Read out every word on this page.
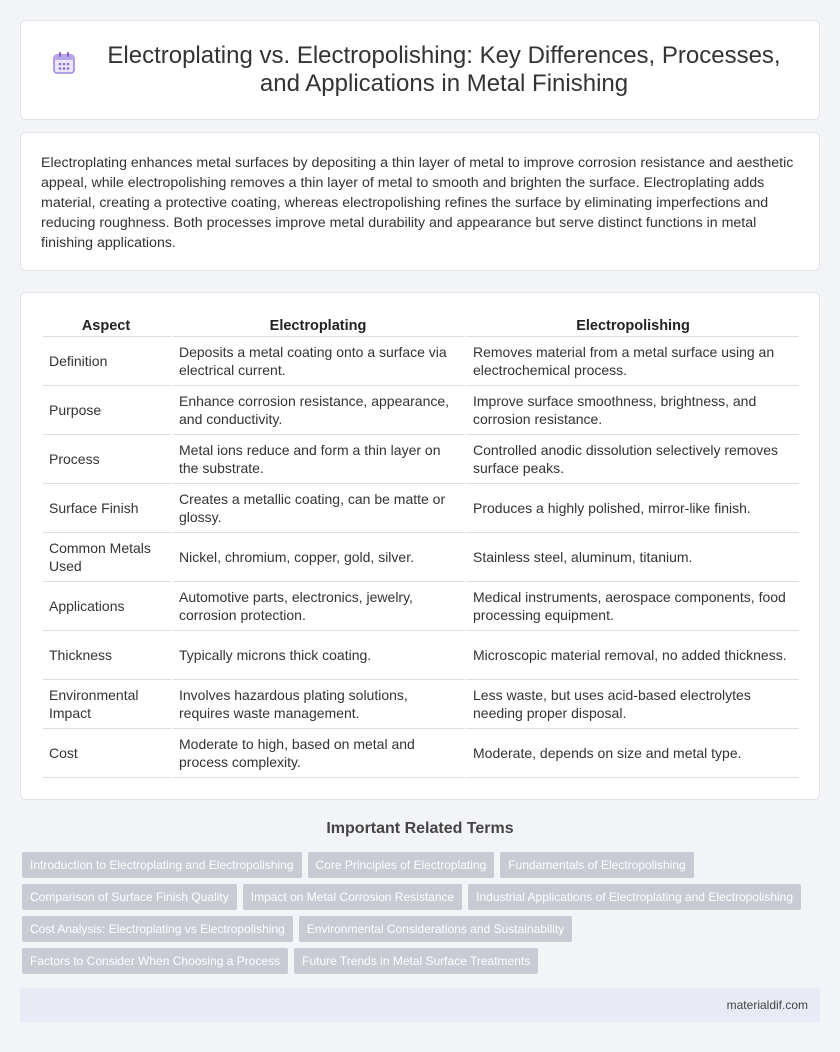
Electroplating vs. Electropolishing: Key Differences, Processes, and Applications in Metal Finishing

Electroplating enhances metal surfaces by depositing a thin layer of metal to improve corrosion resistance and aesthetic appeal, while electropolishing removes a thin layer of metal to smooth and brighten the surface. Electroplating adds material, creating a protective coating, whereas electropolishing refines the surface by eliminating imperfections and reducing roughness. Both processes improve metal durability and appearance but serve distinct functions in metal finishing applications.

Aspect	Electroplating	Electropolishing
Definition	Deposits a metal coating onto a surface via electrical current.	Removes material from a metal surface using an electrochemical process.
Purpose	Enhance corrosion resistance, appearance, and conductivity.	Improve surface smoothness, brightness, and corrosion resistance.
Process	Metal ions reduce and form a thin layer on the substrate.	Controlled anodic dissolution selectively removes surface peaks.
Surface Finish	Creates a metallic coating, can be matte or glossy.	Produces a highly polished, mirror-like finish.
Common Metals Used	Nickel, chromium, copper, gold, silver.	Stainless steel, aluminum, titanium.
Applications	Automotive parts, electronics, jewelry, corrosion protection.	Medical instruments, aerospace components, food processing equipment.
Thickness	Typically microns thick coating.	Microscopic material removal, no added thickness.
Environmental Impact	Involves hazardous plating solutions, requires waste management.	Less waste, but uses acid-based electrolytes needing proper disposal.
Cost	Moderate to high, based on metal and process complexity.	Moderate, depends on size and metal type.
Important Related Terms
Introduction to Electroplating and Electropolishing	Core Principles of Electroplating	Fundamentals of Electropolishing
Comparison of Surface Finish Quality	Impact on Metal Corrosion Resistance	Industrial Applications of Electroplating and Electropolishing
Cost Analysis: Electroplating vs Electropolishing	Environmental Considerations and Sustainability
Factors to Consider When Choosing a Process	Future Trends in Metal Surface Treatments
materialdif.com
